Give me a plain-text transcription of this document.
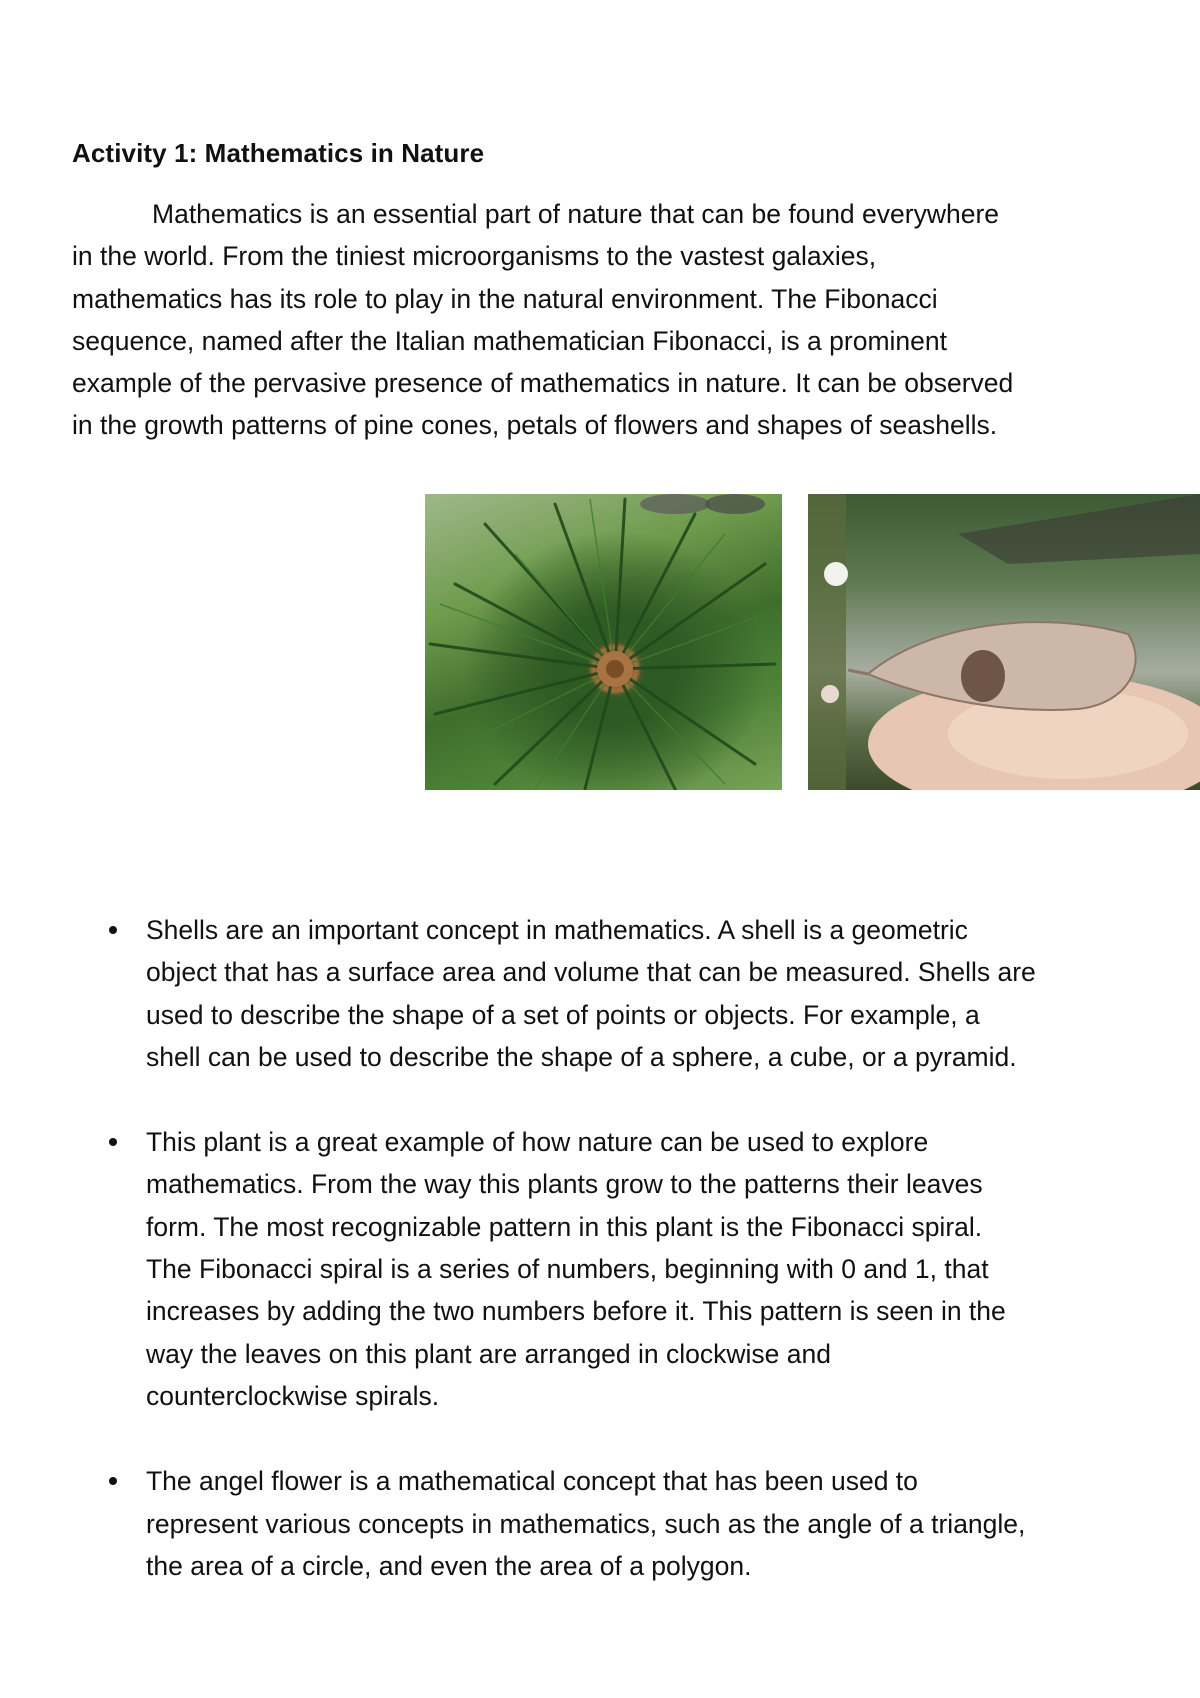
Activity 1: Mathematics in Nature

Mathematics is an essential part of nature that can be found everywhere
in the world. From the tiniest microorganisms to the vastest galaxies,
mathematics has its role to play in the natural environment. The Fibonacci
sequence, named after the Italian mathematician Fibonacci, is a prominent
example of the pervasive presence of mathematics in nature. It can be observed
in the growth patterns of pine cones, petals of flowers and shapes of seashells.

Shells are an important concept in mathematics. A shell is a geometric
object that has a surface area and volume that can be measured. Shells are
used to describe the shape of a set of points or objects. For example, a
shell can be used to describe the shape of a sphere, a cube, or a pyramid.
This plant is a great example of how nature can be used to explore
mathematics. From the way this plants grow to the patterns their leaves
form. The most recognizable pattern in this plant is the Fibonacci spiral.
The Fibonacci spiral is a series of numbers, beginning with 0 and 1, that
increases by adding the two numbers before it. This pattern is seen in the
way the leaves on this plant are arranged in clockwise and
counterclockwise spirals.
The angel flower is a mathematical concept that has been used to
represent various concepts in mathematics, such as the angle of a triangle,
the area of a circle, and even the area of a polygon.
